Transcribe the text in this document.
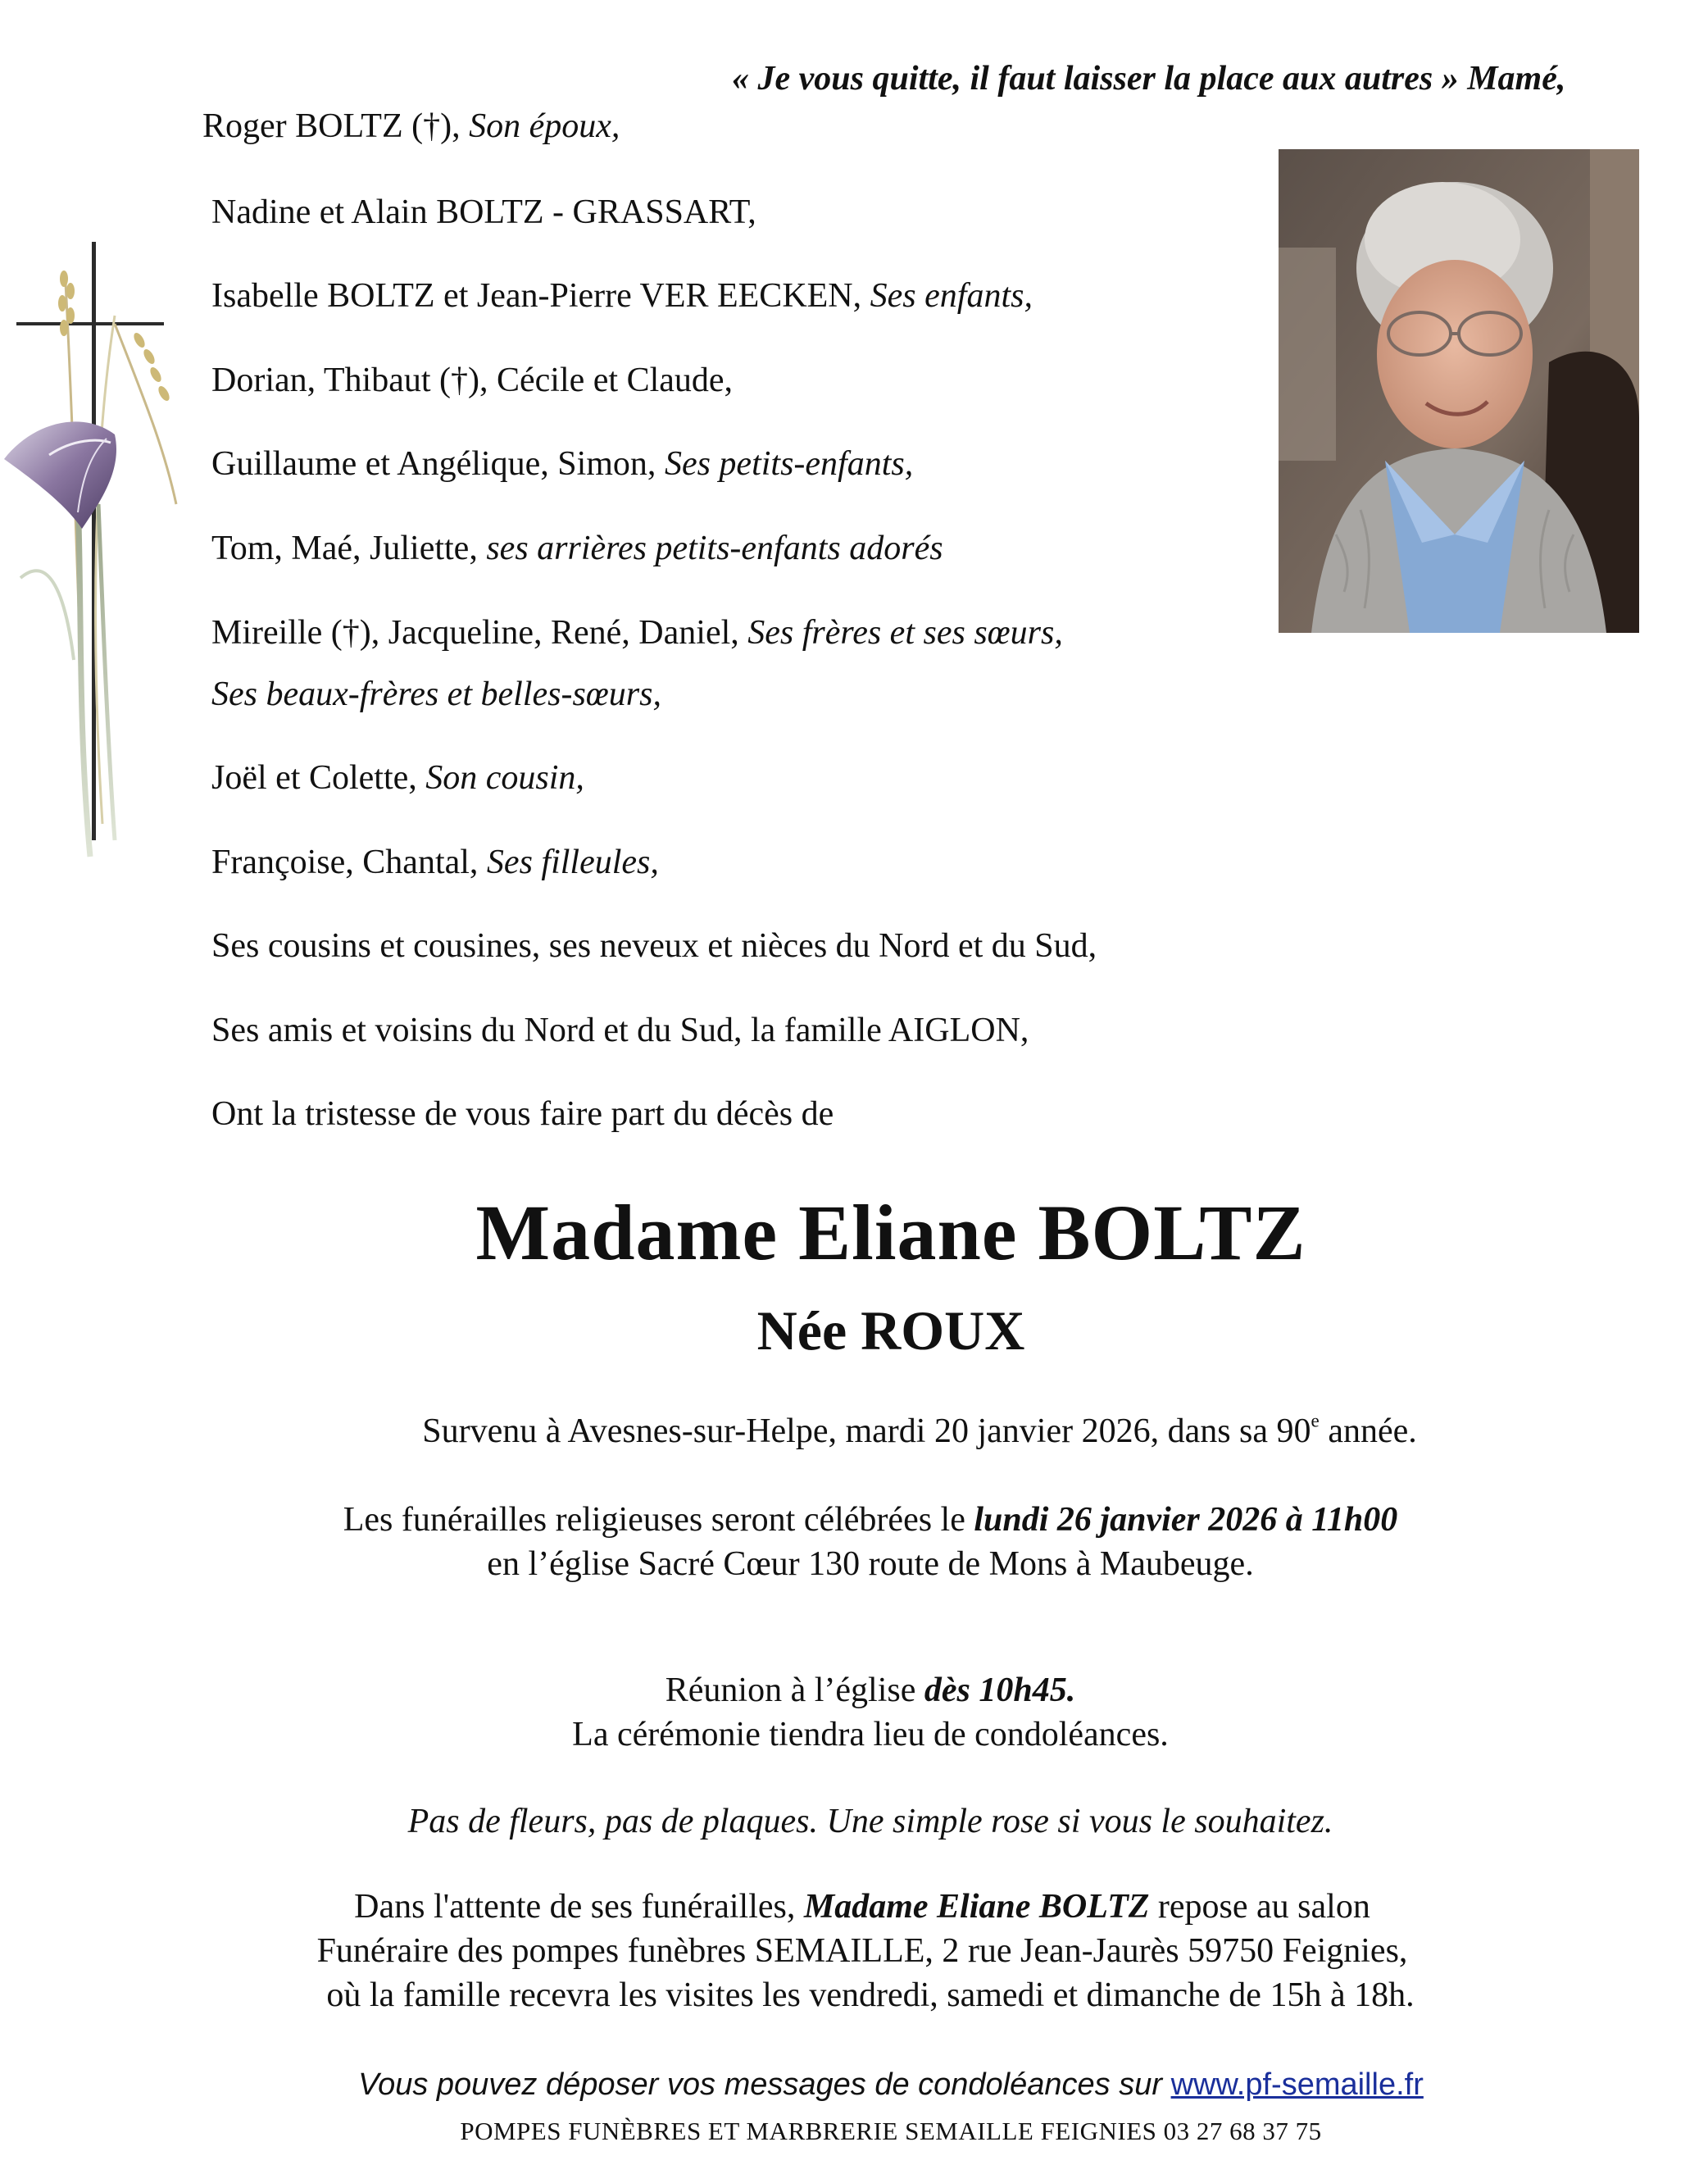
« Je vous quitte, il faut laisser la place aux autres » Mamé,
Roger BOLTZ (†), Son époux,
Nadine et Alain BOLTZ - GRASSART,
Isabelle BOLTZ et Jean-Pierre VER EECKEN, Ses enfants,
Dorian, Thibaut (†), Cécile et Claude,
Guillaume et Angélique, Simon, Ses petits-enfants,
Tom, Maé, Juliette, ses arrières petits-enfants adorés
Mireille (†), Jacqueline, René, Daniel, Ses frères et ses sœurs,
Ses beaux-frères et belles-sœurs,
Joël et Colette, Son cousin,
Françoise, Chantal, Ses filleules,
Ses cousins et cousines, ses neveux et nièces du Nord et du Sud,
Ses amis et voisins du Nord et du Sud, la famille AIGLON,
Ont la tristesse de vous faire part du décès de
Madame Eliane BOLTZ
Née ROUX
Survenu à Avesnes-sur-Helpe, mardi 20 janvier 2026, dans sa 90e année.
Les funérailles religieuses seront célébrées le lundi 26 janvier 2026 à 11h00
en l’église Sacré Cœur 130 route de Mons à Maubeuge.
Réunion à l’église dès 10h45.
La cérémonie tiendra lieu de condoléances.
Pas de fleurs, pas de plaques. Une simple rose si vous le souhaitez.
Dans l'attente de ses funérailles, Madame Eliane BOLTZ repose au salon
Funéraire des pompes funèbres SEMAILLE, 2 rue Jean-Jaurès 59750 Feignies,
où la famille recevra les visites les vendredi, samedi et dimanche de 15h à 18h.
Vous pouvez déposer vos messages de condoléances sur www.pf-semaille.fr
POMPES FUNÈBRES ET MARBRERIE SEMAILLE FEIGNIES 03 27 68 37 75
